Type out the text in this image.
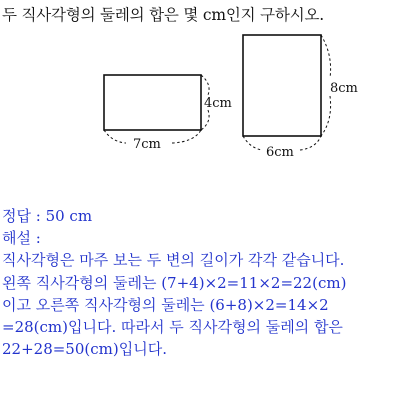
두 직사각형의 둘레의 합은 몇 cm인지 구하시오.
7cm
4cm
6cm
8cm
정답 : 50 cm
해설 :
직사각형은 마주 보는 두 변의 길이가 각각 같습니다.
왼쪽 직사각형의 둘레는 (7+4)×2=11×2=22(cm)
이고 오른쪽 직사각형의 둘레는 (6+8)×2=14×2
=28(cm)입니다. 따라서 두 직사각형의 둘레의 합은
22+28=50(cm)입니다.
